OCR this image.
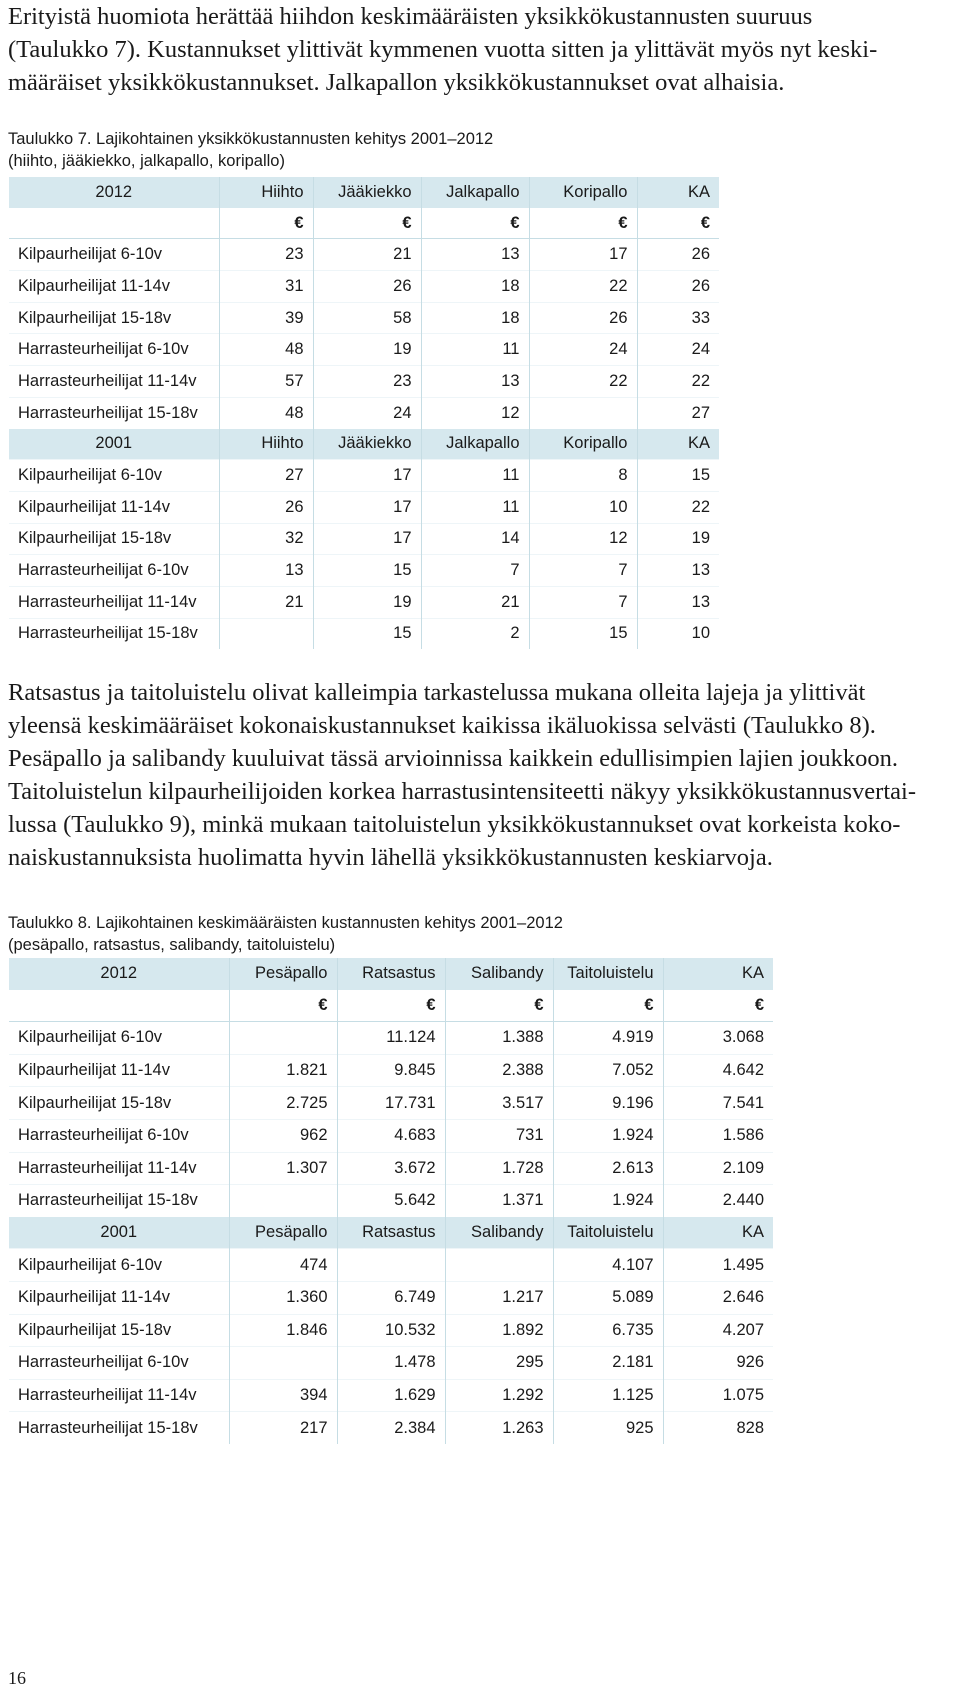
Erityistä huomiota herättää hiihdon keskimääräisten yksikkökustannusten suuruus
(Taulukko 7). Kustannukset ylittivät kymmenen vuotta sitten ja ylittävät myös nyt keski-
määräiset yksikkökustannukset. Jalkapallon yksikkökustannukset ovat alhaisia.
Taulukko 7. Lajikohtainen yksikkökustannusten kehitys 2001–2012
(hiihto, jääkiekko, jalkapallo, koripallo)
2012	Hiihto	Jääkiekko	Jalkapallo	Koripallo	KA
	€	€	€	€	€
Kilpaurheilijat 6-10v	23	21	13	17	26
Kilpaurheilijat 11-14v	31	26	18	22	26
Kilpaurheilijat 15-18v	39	58	18	26	33
Harrasteurheilijat 6-10v	48	19	11	24	24
Harrasteurheilijat 11-14v	57	23	13	22	22
Harrasteurheilijat 15-18v	48	24	12		27
2001	Hiihto	Jääkiekko	Jalkapallo	Koripallo	KA
Kilpaurheilijat 6-10v	27	17	11	8	15
Kilpaurheilijat 11-14v	26	17	11	10	22
Kilpaurheilijat 15-18v	32	17	14	12	19
Harrasteurheilijat 6-10v	13	15	7	7	13
Harrasteurheilijat 11-14v	21	19	21	7	13
Harrasteurheilijat 15-18v		15	2	15	10
Ratsastus ja taitoluistelu olivat kalleimpia tarkastelussa mukana olleita lajeja ja ylittivät
yleensä keskimääräiset kokonaiskustannukset kaikissa ikäluokissa selvästi (Taulukko 8).
Pesäpallo ja salibandy kuuluivat tässä arvioinnissa kaikkein edullisimpien lajien joukkoon.
Taitoluistelun kilpaurheilijoiden korkea harrastusintensiteetti näkyy yksikkökustannusvertai-
lussa (Taulukko 9), minkä mukaan taitoluistelun yksikkökustannukset ovat korkeista koko-
naiskustannuksista huolimatta hyvin lähellä yksikkökustannusten keskiarvoja.
Taulukko 8. Lajikohtainen keskimääräisten kustannusten kehitys 2001–2012
(pesäpallo, ratsastus, salibandy, taitoluistelu)
2012	Pesäpallo	Ratsastus	Salibandy	Taitoluistelu	KA
	€	€	€	€	€
Kilpaurheilijat 6-10v		11.124	1.388	4.919	3.068
Kilpaurheilijat 11-14v	1.821	9.845	2.388	7.052	4.642
Kilpaurheilijat 15-18v	2.725	17.731	3.517	9.196	7.541
Harrasteurheilijat 6-10v	962	4.683	731	1.924	1.586
Harrasteurheilijat 11-14v	1.307	3.672	1.728	2.613	2.109
Harrasteurheilijat 15-18v		5.642	1.371	1.924	2.440
2001	Pesäpallo	Ratsastus	Salibandy	Taitoluistelu	KA
Kilpaurheilijat 6-10v	474			4.107	1.495
Kilpaurheilijat 11-14v	1.360	6.749	1.217	5.089	2.646
Kilpaurheilijat 15-18v	1.846	10.532	1.892	6.735	4.207
Harrasteurheilijat 6-10v		1.478	295	2.181	926
Harrasteurheilijat 11-14v	394	1.629	1.292	1.125	1.075
Harrasteurheilijat 15-18v	217	2.384	1.263	925	828
16
